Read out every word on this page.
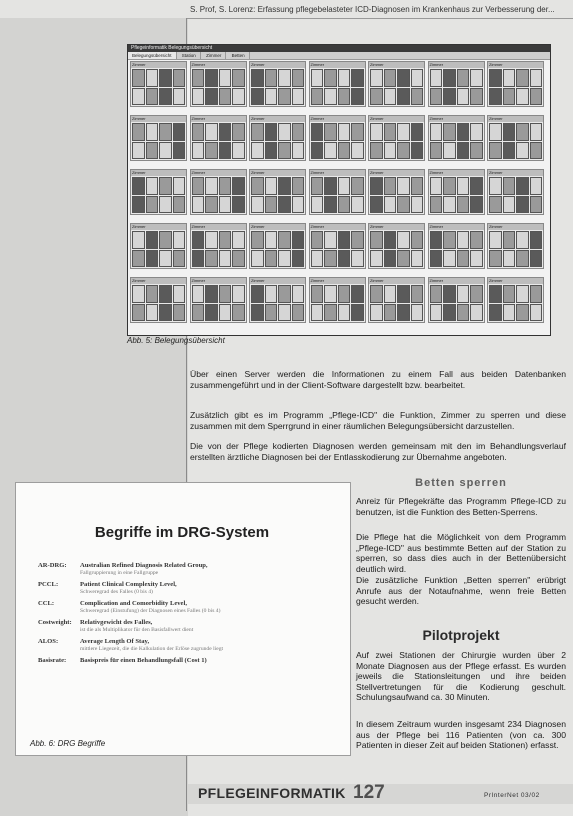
S. Prof, S. Lorenz: Erfassung pflegebelasteter ICD-Diagnosen im Krankenhaus zur Verbesserung der...
Pflegeinformatik Belegungsübersicht
Belegungsübersicht Station Zimmer Betten
Zimmer	Zimmer	Zimmer	Zimmer	Zimmer	Zimmer	Zimmer
Zimmer	Zimmer	Zimmer	Zimmer	Zimmer	Zimmer	Zimmer
Zimmer	Zimmer	Zimmer	Zimmer	Zimmer	Zimmer	Zimmer
Zimmer	Zimmer	Zimmer	Zimmer	Zimmer	Zimmer	Zimmer
Zimmer	Zimmer	Zimmer	Zimmer	Zimmer	Zimmer	Zimmer
Abb. 5: Belegungsübersicht
Über einen Server werden die Informationen zu einem Fall aus beiden Datenbanken zusammengeführt und in der Client-Software dargestellt bzw. bearbeitet.
Zusätzlich gibt es im Programm „Pflege-ICD" die Funktion, Zimmer zu sperren und diese zusammen mit dem Sperrgrund in einer räumlichen Belegungsübersicht darzustellen.
Die von der Pflege kodierten Diagnosen werden gemeinsam mit den im Behandlungsverlauf erstellten ärztliche Diagnosen bei der Entlasskodierung zur Übernahme angeboten.
Betten sperren
Anreiz für Pflegekräfte das Programm Pflege-ICD zu benutzen, ist die Funktion des Betten-Sperrens.
Die Pflege hat die Möglichkeit von dem Programm „Pflege-ICD" aus bestimmte Betten auf der Station zu sperren, so dass dies auch in der Bettenübersicht deutlich wird.
Die zusätzliche Funktion „Betten sperren" erübrigt Anrufe aus der Notaufnahme, wenn freie Betten gesucht werden.
Pilotprojekt
Auf zwei Stationen der Chirurgie wurden über 2 Monate Diagnosen aus der Pflege erfasst. Es wurden jeweils die Stationsleitungen und ihre beiden Stellvertretungen für die Kodierung geschult. Schulungsaufwand ca. 30 Minuten.
In diesem Zeitraum wurden insgesamt 234 Diagnosen aus der Pflege bei 116 Patienten (von ca. 300 Patienten in dieser Zeit auf beiden Stationen) erfasst.
Begriffe im DRG-System
AR-DRG:	Australian Refined Diagnosis Related Group,
Fallgruppierung in eine Fallgruppe
PCCL:	Patient Clinical Complexity Level,
Schweregrad des Falles (0 bis 4)
CCL:	Complication and Comorbidity Level,
Schweregrad (Einstufung) der Diagnosen eines Falles (0 bis 4)
Costweight:	Relativgewicht des Falles,
ist die als Multiplikator für den Basisfallwert dient
ALOS:	Average Length Of Stay,
mittlere Liegezeit, die die Kalkulation der Erlöse zugrunde liegt
Basisrate:	Basispreis für einen Behandlungsfall (Cost 1)
Abb. 6: DRG Begriffe
PFLEGEINFORMATIK 127	PrInterNet 03/02
